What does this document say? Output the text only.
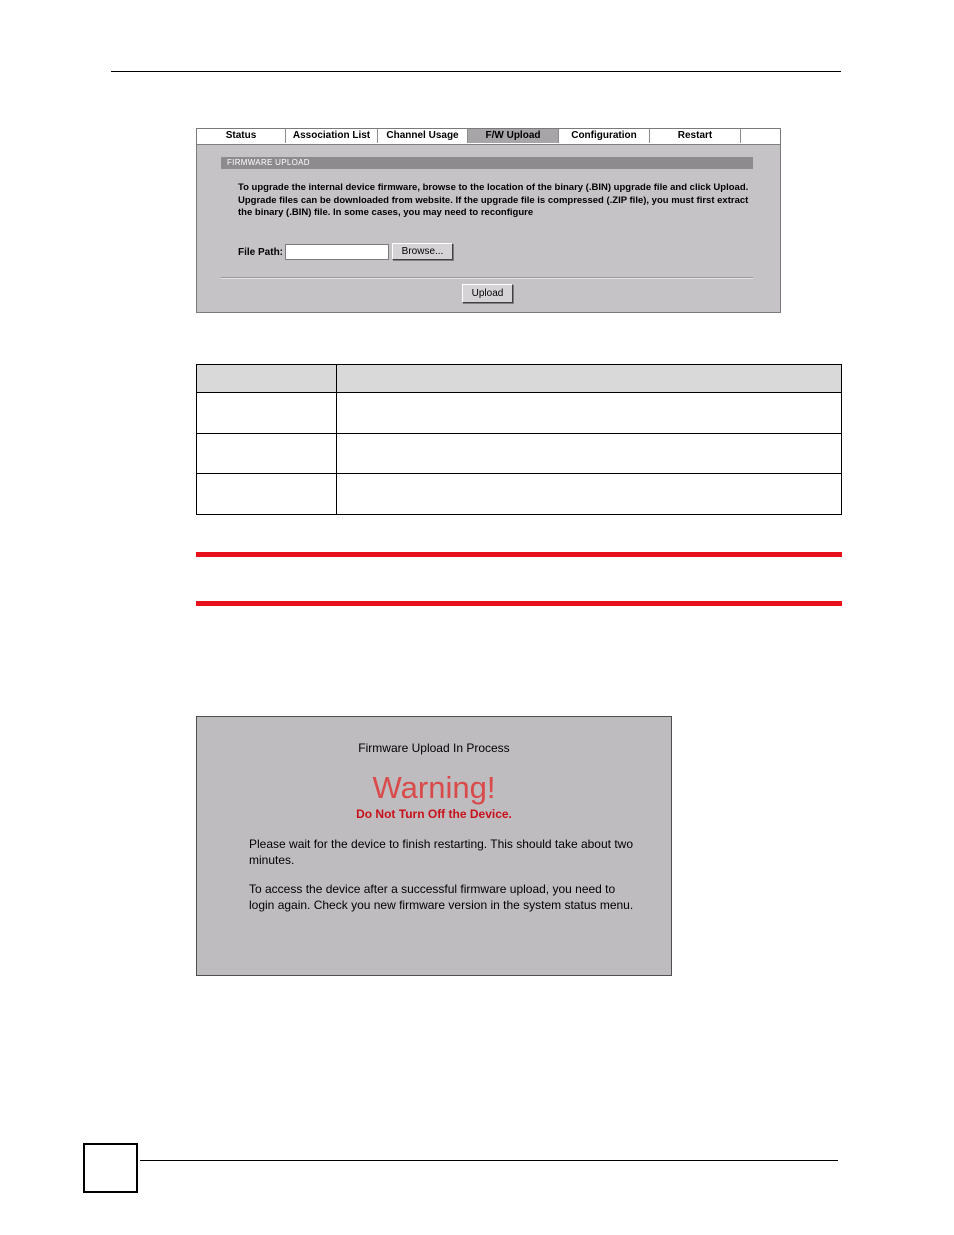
Status	Association List	Channel Usage	F/W Upload	Configuration	Restart
FIRMWARE UPLOAD
To upgrade the internal device firmware, browse to the location of the binary (.BIN) upgrade file and click Upload. Upgrade files can be downloaded from website. If the upgrade file is compressed (.ZIP file), you must first extract the binary (.BIN) file. In some cases, you may need to reconfigure
File Path:	Browse...
Upload

Firmware Upload In Process
Warning!
Do Not Turn Off the Device.
Please wait for the device to finish restarting. This should take about two minutes.
To access the device after a successful firmware upload, you need to login again. Check you new firmware version in the system status menu.
